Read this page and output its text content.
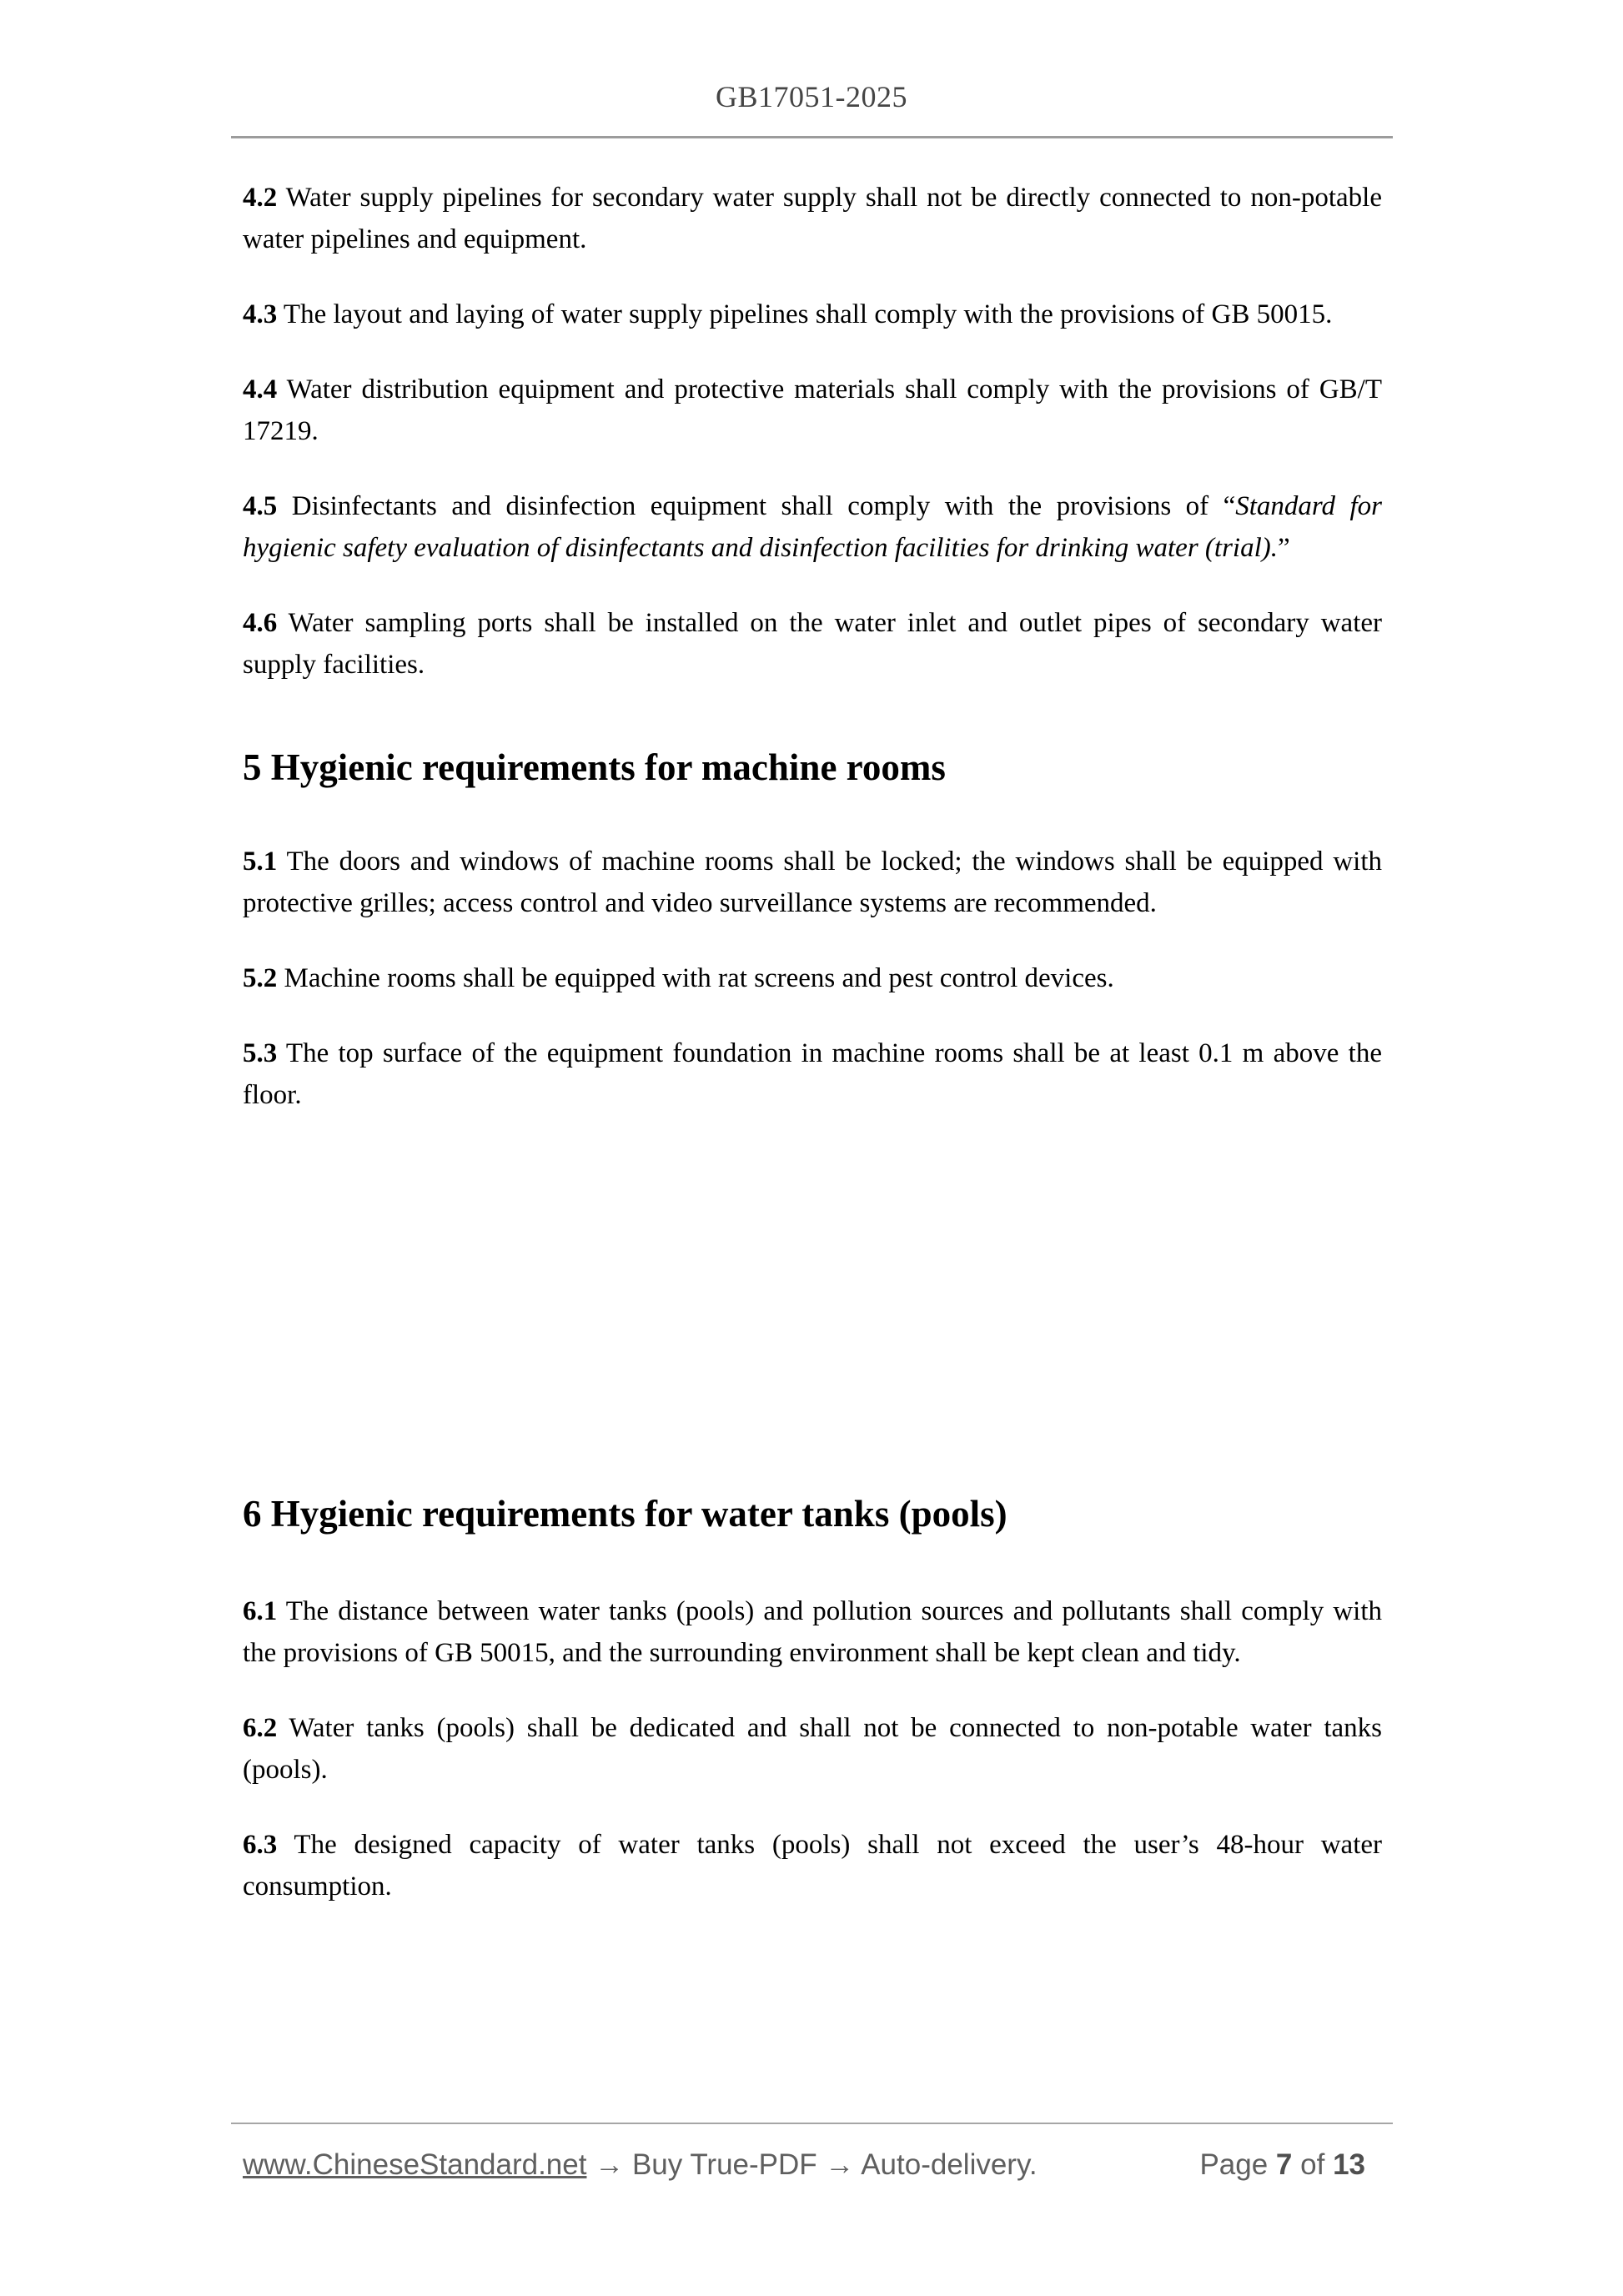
GB17051-2025

4.2 Water supply pipelines for secondary water supply shall not be directly connected to non-potable water pipelines and equipment.

4.3 The layout and laying of water supply pipelines shall comply with the provisions of GB 50015.

4.4 Water distribution equipment and protective materials shall comply with the provisions of GB/T 17219.

4.5 Disinfectants and disinfection equipment shall comply with the provisions of “Standard for hygienic safety evaluation of disinfectants and disinfection facilities for drinking water (trial).”

4.6 Water sampling ports shall be installed on the water inlet and outlet pipes of secondary water supply facilities.

5 Hygienic requirements for machine rooms

5.1 The doors and windows of machine rooms shall be locked; the windows shall be equipped with protective grilles; access control and video surveillance systems are recommended.

5.2 Machine rooms shall be equipped with rat screens and pest control devices.

5.3 The top surface of the equipment foundation in machine rooms shall be at least 0.1 m above the floor.

6 Hygienic requirements for water tanks (pools)

6.1 The distance between water tanks (pools) and pollution sources and pollutants shall comply with the provisions of GB 50015, and the surrounding environment shall be kept clean and tidy.

6.2 Water tanks (pools) shall be dedicated and shall not be connected to non-potable water tanks (pools).

6.3 The designed capacity of water tanks (pools) shall not exceed the user’s 48-hour water consumption.

www.ChineseStandard.net → Buy True-PDF → Auto-delivery.	Page 7 of 13
